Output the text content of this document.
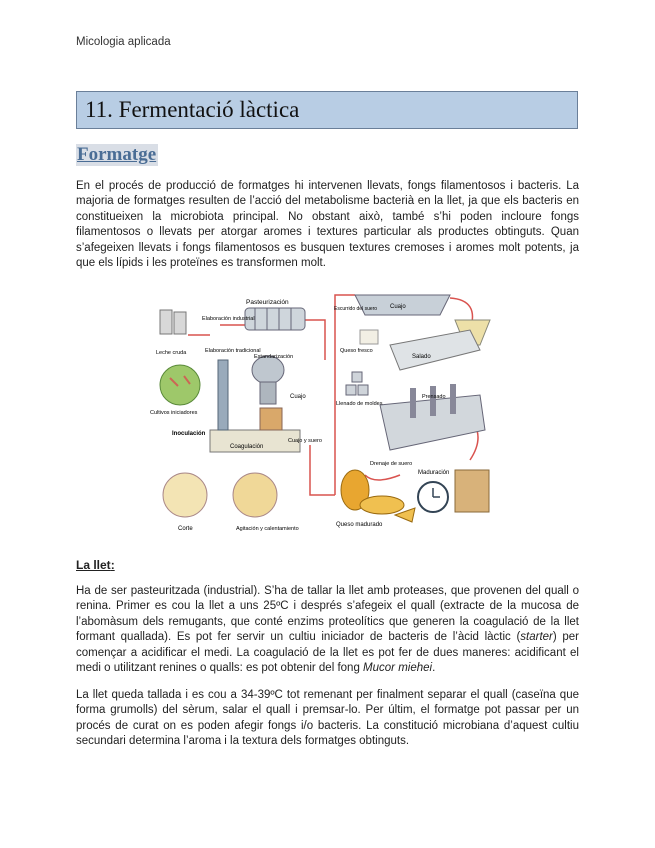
Micologia aplicada
11. Fermentació làctica
Formatge

En el procés de producció de formatges hi intervenen llevats, fongs filamentosos i bacteris. La majoria de formatges resulten de l’acció del metabolisme bacterià en la llet, ja que els bacteris en constitueixen la microbiota principal. No obstant això, també s’hi poden incloure fongs filamentosos o llevats per atorgar aromes i textures particular als productes obtinguts. Quan s’afegeixen llevats i fongs filamentosos es busquen textures cremoses i aromes molt potents, ja que els lípids i les proteïnes es transformen molt.

Pasteurización
Elaboración industrial
Elaboración tradicional
Leche cruda
Estandarización
Cultivos iniciadores
Cuajo
Inoculación
Coagulación
Cuajo y suero
Corte	Agitación y calentamiento
Escurrido del suero Cuajo
Queso fresco
Salado
Llenado de moldes
Prensado
Drenaje de suero
Maduración
Queso madurado
La llet:

Ha de ser pasteuritzada (industrial). S’ha de tallar la llet amb proteases, que provenen del quall o renina. Primer es cou la llet a uns 25ºC i després s’afegeix el quall (extracte de la mucosa de l’abomàsum dels remugants, que conté enzims proteolítics que generen la coagulació de la llet formant quallada). Es pot fer servir un cultiu iniciador de bacteris de l’àcid làctic (starter) per començar a acidificar el medi. La coagulació de la llet es pot fer de dues maneres: acidificant el medi o utilitzant renines o qualls: es pot obtenir del fong Mucor miehei.

La llet queda tallada i es cou a 34-39ºC tot remenant per finalment separar el quall (caseïna que forma grumolls) del sèrum, salar el quall i premsar-lo. Per últim, el formatge pot passar per un procés de curat on es poden afegir fongs i/o bacteris. La constitució microbiana d’aquest cultiu secundari determina l’aroma i la textura dels formatges obtinguts.
